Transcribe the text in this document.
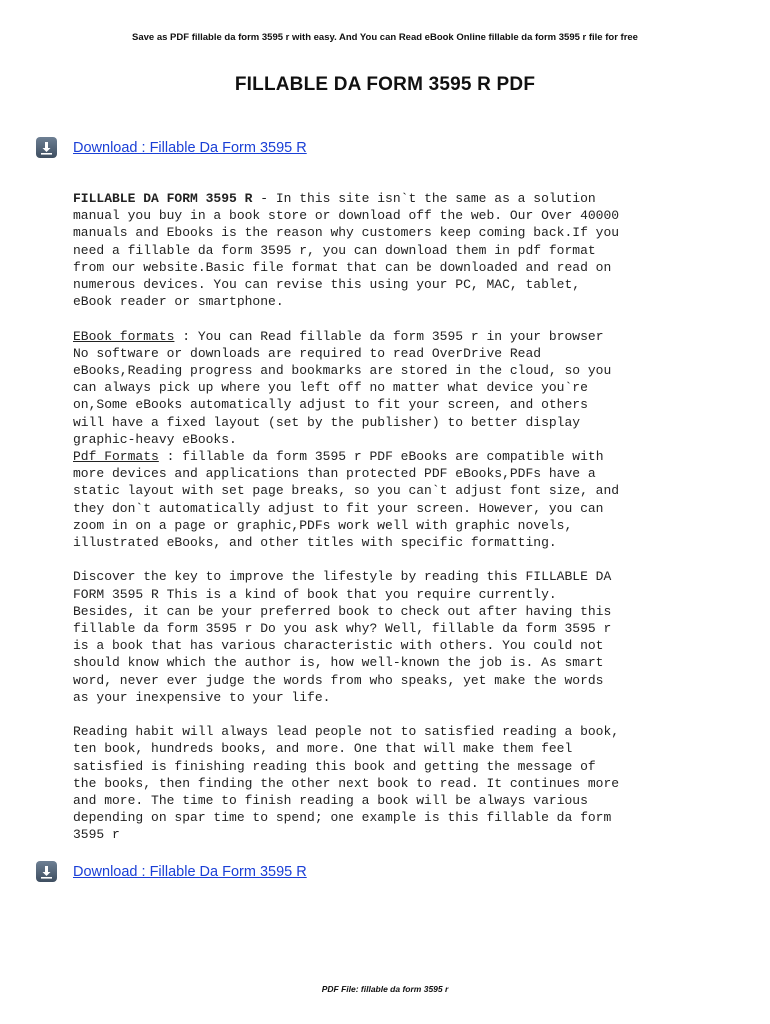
Save as PDF fillable da form 3595 r with easy. And You can Read eBook Online fillable da form 3595 r file for free
FILLABLE DA FORM 3595 R PDF
Download : Fillable Da Form 3595 R

FILLABLE DA FORM 3595 R - In this site isn`t the same as a solution

manual you buy in a book store or download off the web. Our Over 40000

manuals and Ebooks is the reason why customers keep coming back.If you

need a fillable da form 3595 r, you can download them in pdf format

from our website.Basic file format that can be downloaded and read on

numerous devices. You can revise this using your PC, MAC, tablet,

eBook reader or smartphone.

EBook formats : You can Read fillable da form 3595 r in your browser

No software or downloads are required to read OverDrive Read

eBooks,Reading progress and bookmarks are stored in the cloud, so you

can always pick up where you left off no matter what device you`re

on,Some eBooks automatically adjust to fit your screen, and others

will have a fixed layout (set by the publisher) to better display

graphic-heavy eBooks.

Pdf Formats : fillable da form 3595 r PDF eBooks are compatible with

more devices and applications than protected PDF eBooks,PDFs have a

static layout with set page breaks, so you can`t adjust font size, and

they don`t automatically adjust to fit your screen. However, you can

zoom in on a page or graphic,PDFs work well with graphic novels,

illustrated eBooks, and other titles with specific formatting.

Discover the key to improve the lifestyle by reading this FILLABLE DA

FORM 3595 R This is a kind of book that you require currently.

Besides, it can be your preferred book to check out after having this

fillable da form 3595 r Do you ask why? Well, fillable da form 3595 r

is a book that has various characteristic with others. You could not

should know which the author is, how well-known the job is. As smart

word, never ever judge the words from who speaks, yet make the words

as your inexpensive to your life.

Reading habit will always lead people not to satisfied reading a book,

ten book, hundreds books, and more. One that will make them feel

satisfied is finishing reading this book and getting the message of

the books, then finding the other next book to read. It continues more

and more. The time to finish reading a book will be always various

depending on spar time to spend; one example is this fillable da form

3595 r

Download : Fillable Da Form 3595 R
PDF File: fillable da form 3595 r
